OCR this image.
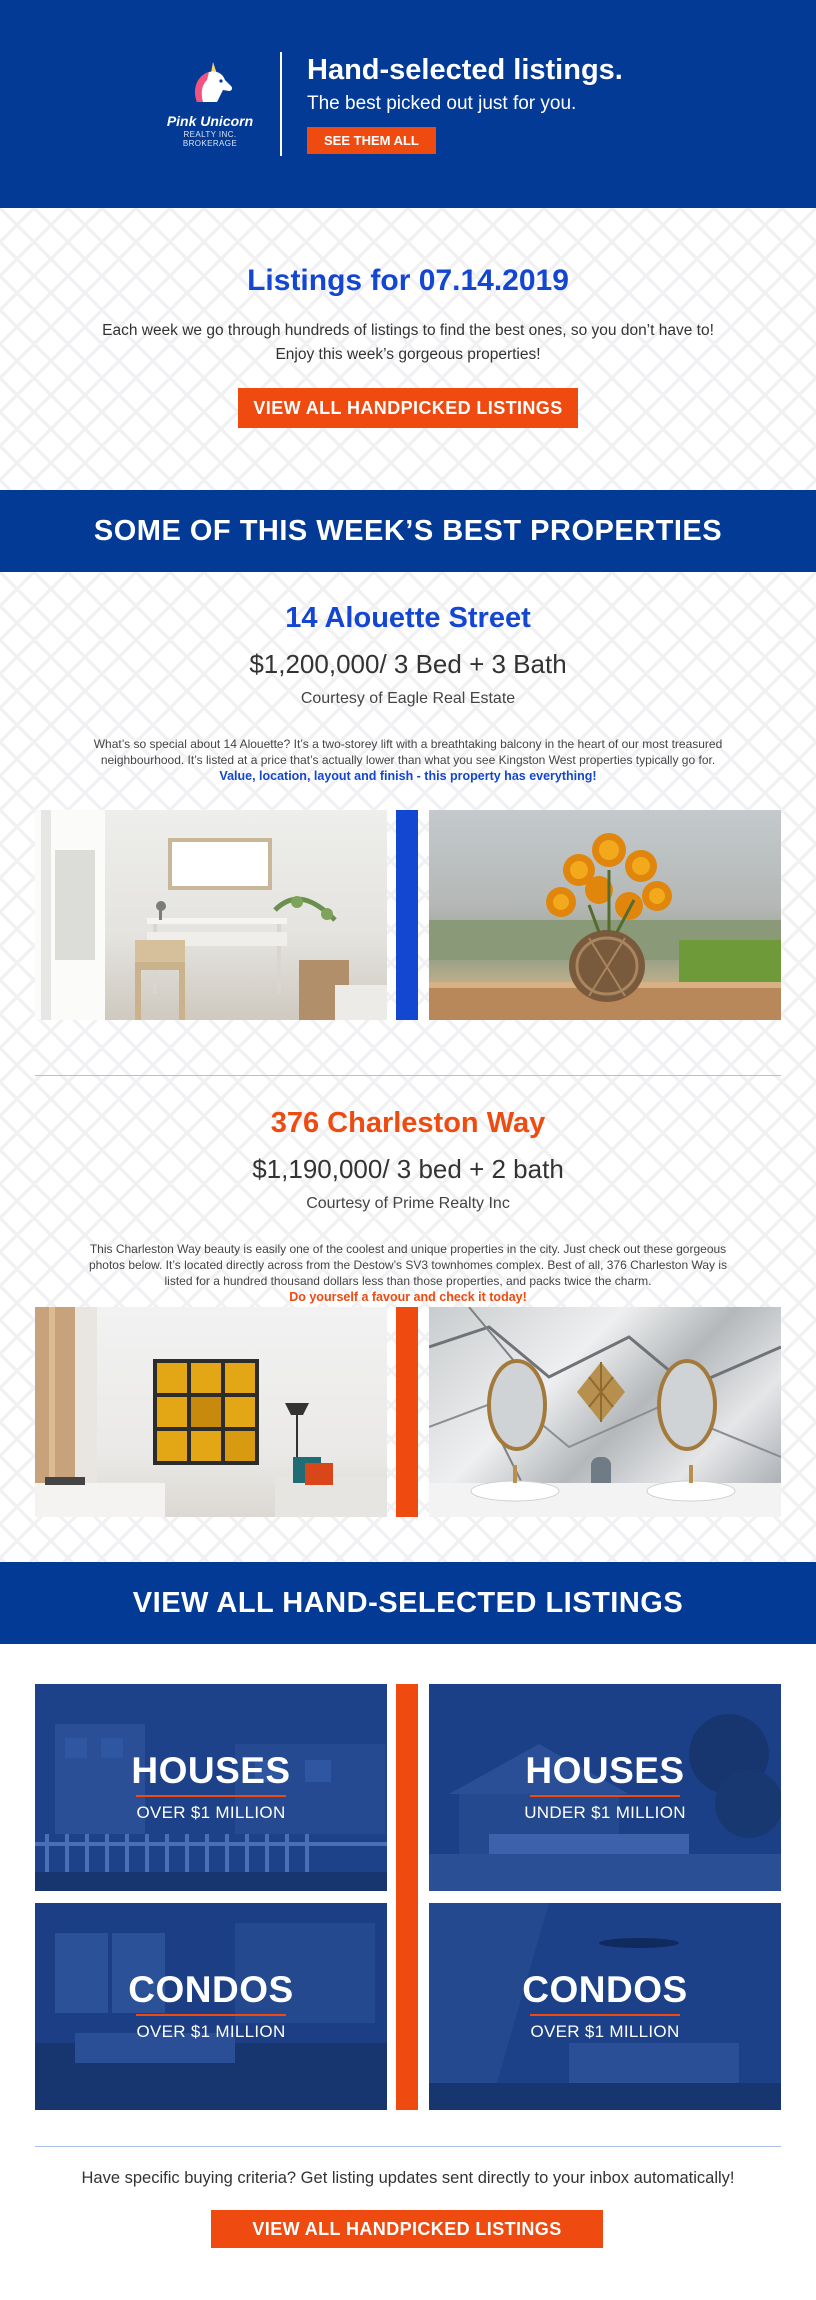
Pink Unicorn
REALTY INC. BROKERAGE
Hand-selected listings.
The best picked out just for you.
SEE THEM ALL
Listings for 07.14.2019
Each week we go through hundreds of listings to find the best ones, so you don’t have to!
Enjoy this week’s gorgeous properties!
VIEW ALL HANDPICKED LISTINGS
SOME OF THIS WEEK’S BEST PROPERTIES
14 Alouette Street
$1,200,000/ 3 Bed + 3 Bath
Courtesy of Eagle Real Estate
What’s so special about 14 Alouette? It’s a two-storey lift with a breathtaking balcony in the heart of our most treasured
neighbourhood. It’s listed at a price that’s actually lower than what you see Kingston West properties typically go for.
Value, location, layout and finish - this property has everything!
376 Charleston Way
$1,190,000/ 3 bed + 2 bath
Courtesy of Prime Realty Inc
This Charleston Way beauty is easily one of the coolest and unique properties in the city. Just check out these gorgeous
photos below. It’s located directly across from the Destow’s SV3 townhomes complex. Best of all, 376 Charleston Way is
listed for a hundred thousand dollars less than those properties, and packs twice the charm.
Do yourself a favour and check it today!
VIEW ALL HAND-SELECTED LISTINGS
HOUSES
OVER $1 MILLION
HOUSES
UNDER $1 MILLION
CONDOS
OVER $1 MILLION
CONDOS
OVER $1 MILLION
Have specific buying criteria? Get listing updates sent directly to your inbox automatically!
VIEW ALL HANDPICKED LISTINGS
